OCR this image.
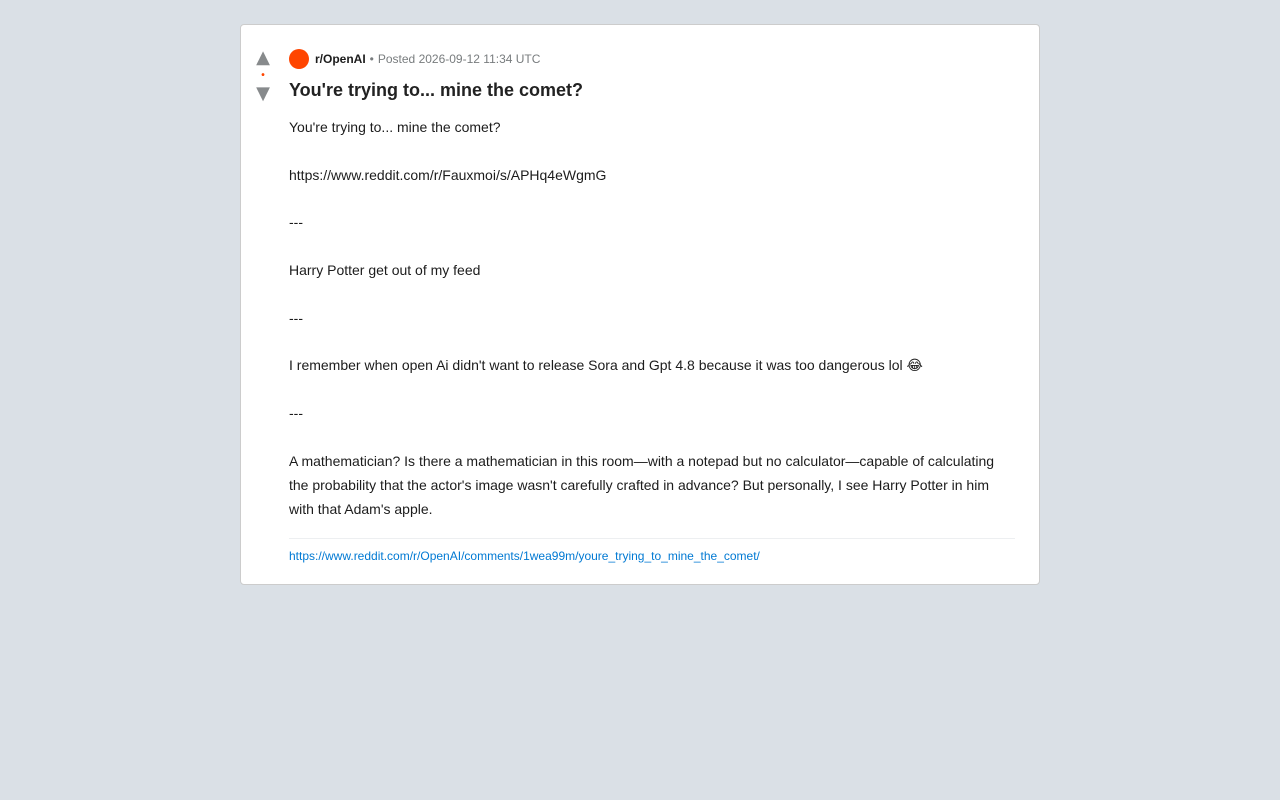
▲
•
▼
r/OpenAI • Posted 2026-09-12 11:34 UTC
You're trying to... mine the comet?

You're trying to... mine the comet?

https://www.reddit.com/r/Fauxmoi/s/APHq4eWgmG

---

Harry Potter get out of my feed

---

I remember when open Ai didn't want to release Sora and Gpt 4.8 because it was too dangerous lol 😂

---

A mathematician? Is there a mathematician in this room—with a notepad but no calculator—capable of calculating the probability that the actor's image wasn't carefully crafted in advance? But personally, I see Harry Potter in him with that Adam's apple.

https://www.reddit.com/r/OpenAI/comments/1wea99m/youre_trying_to_mine_the_comet/
